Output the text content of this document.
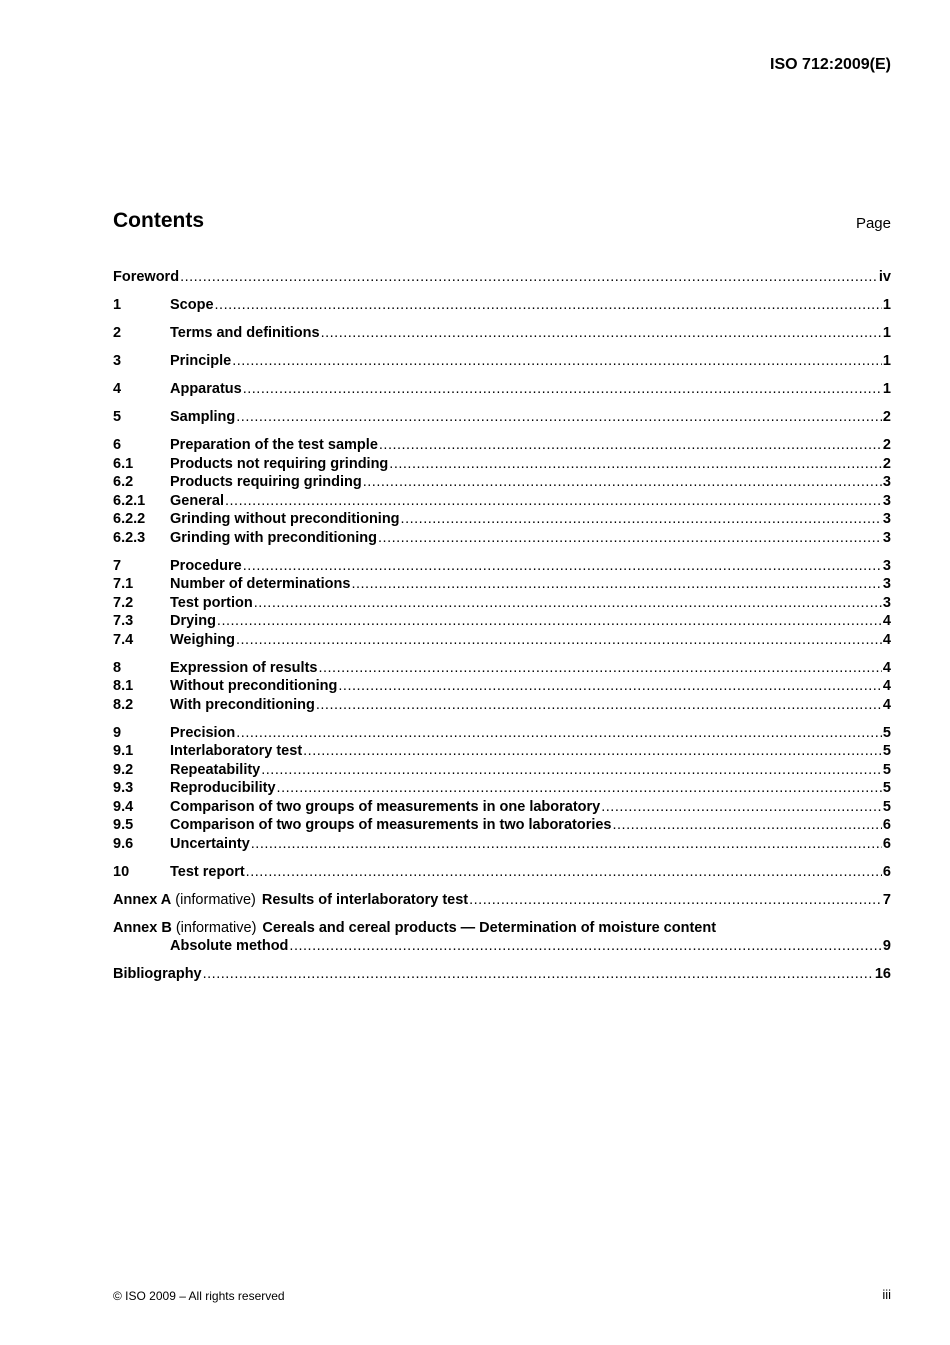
ISO 712:2009(E)
Contents	Page
Foreword .....	iv
1	Scope .....	1
2	Terms and definitions .....	1
3	Principle .....	1
4	Apparatus .....	1
5	Sampling .....	2
6	Preparation of the test sample .....	2
6.1	Products not requiring grinding .....	2
6.2	Products requiring grinding .....	3
6.2.1	General .....	3
6.2.2	Grinding without preconditioning .....	3
6.2.3	Grinding with preconditioning .....	3
7	Procedure .....	3
7.1	Number of determinations .....	3
7.2	Test portion .....	3
7.3	Drying .....	4
7.4	Weighing .....	4
8	Expression of results .....	4
8.1	Without preconditioning .....	4
8.2	With preconditioning .....	4
9	Precision .....	5
9.1	Interlaboratory test .....	5
9.2	Repeatability .....	5
9.3	Reproducibility .....	5
9.4	Comparison of two groups of measurements in one laboratory .....	5
9.5	Comparison of two groups of measurements in two laboratories .....	6
9.6	Uncertainty .....	6
10	Test report .....	6
Annex A (informative) Results of interlaboratory test .....	7
Annex B (informative) Cereals and cereal products — Determination of moisture content
Absolute method .....	9
Bibliography .....	16
© ISO 2009 – All rights reserved	iii
